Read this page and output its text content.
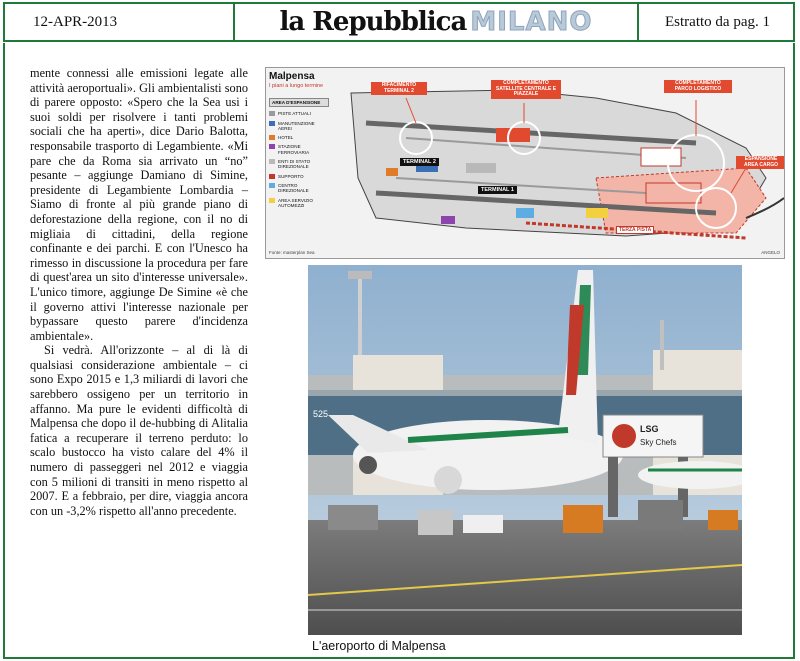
12-APR-2013	la Repubblica MILANO	Estratto da pag. 1

mente connessi alle emissioni legate alle attività aeroportuali». Gli ambientalisti sono di parere opposto: «Spero che la Sea usi i suoi soldi per risolvere i tanti problemi sociali che ha aperti», dice Dario Balotta, responsabile trasporto di Legambiente. «Mi pare che da Roma sia arrivato un “no” pesante – aggiunge Damiano di Simine, presidente di Legambiente Lombardia – Siamo di fronte al più grande piano di deforestazione della regione, con il no di migliaia di cittadini, della regione confinante e dei parchi. E con l'Unesco ha rimesso in discussione la procedura per fare di quest'area un sito d'interesse universale». L'unico timore, aggiunge De Simine «è che il governo attivi l'interesse nazionale per bypassare questo parere d'incidenza ambientale».

Si vedrà. All'orizzonte – al di là di qualsiasi considerazione ambientale – ci sono Expo 2015 e 1,3 miliardi di lavori che sarebbero ossigeno per un territorio in affanno. Ma pure le evidenti difficoltà di Malpensa che dopo il de-hubbing di Alitalia fatica a recuperare il terreno perduto: lo scalo bustocco ha visto calare del 4% il numero di passeggeri nel 2012 e viaggia con 5 milioni di transiti in meno rispetto al 2007. E a febbraio, per dire, viaggia ancora con un -3,2% rispetto all'anno precedente.

Malpensa
I piani a lungo termine
AREA D'ESPANSIONE
PISTE ATTUALI
MANUTENZIONE AEREI
HOTEL
STAZIONE FERROVIARIA
ENTI DI STATO DIREZIONALE
SUPPORTO
CENTRO DIREZIONALE
AREA SERVIZIO AUTOMEZZI
RIFACIMENTO TERMINAL 2
COMPLETAMENTO SATELLITE CENTRALE E PIAZZALE
COMPLETAMENTO PARCO LOGISTICO
ESPANSIONE AREA CARGO
TERMINAL 2
TERMINAL 1
TERZA PISTA
Fonte: masterplan Sea	ANGELO
525
LSG
Sky Chefs
L'aeroporto di Malpensa
